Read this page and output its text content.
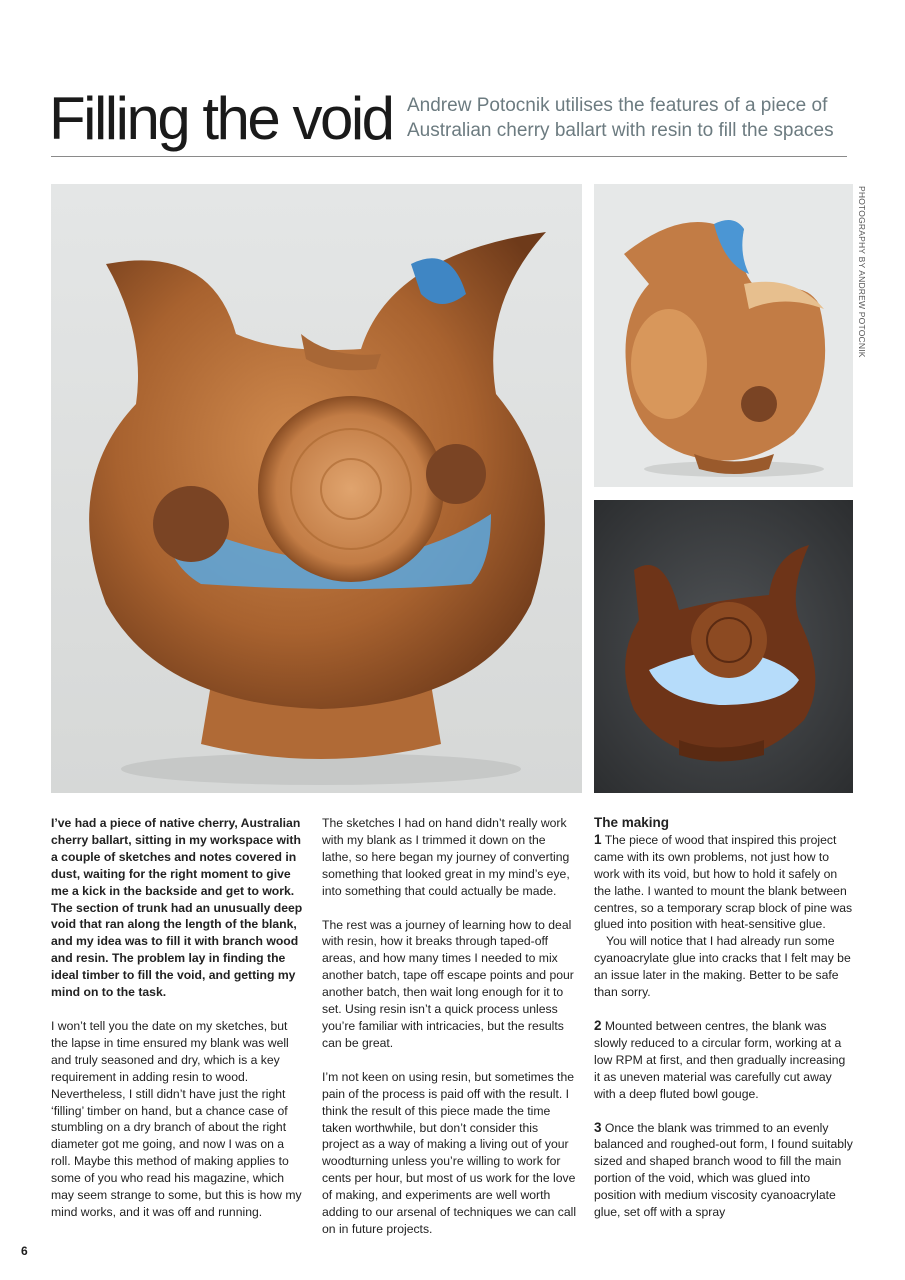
Filling the void Andrew Potocnik utilises the features of a piece of Australian cherry ballart with resin to fill the spaces

PHOTOGRAPHY BY ANDREW POTOCNIK

I’ve had a piece of native cherry, Australian cherry ballart, sitting in my workspace with a couple of sketches and notes covered in dust, waiting for the right moment to give me a kick in the backside and get to work. The section of trunk had an unusually deep void that ran along the length of the blank, and my idea was to fill it with branch wood and resin. The problem lay in finding the ideal timber to fill the void, and getting my mind on to the task.

I won’t tell you the date on my sketches, but the lapse in time ensured my blank was well and truly seasoned and dry, which is a key requirement in adding resin to wood. Nevertheless, I still didn’t have just the right ‘filling’ timber on hand, but a chance case of stumbling on a dry branch of about the right diameter got me going, and now I was on a roll. Maybe this method of making applies to some of you who read his magazine, which may seem strange to some, but this is how my mind works, and it was off and running.

The sketches I had on hand didn’t really work with my blank as I trimmed it down on the lathe, so here began my journey of converting something that looked great in my mind’s eye, into something that could actually be made.

The rest was a journey of learning how to deal with resin, how it breaks through taped-off areas, and how many times I needed to mix another batch, tape off escape points and pour another batch, then wait long enough for it to set. Using resin isn’t a quick process unless you’re familiar with intricacies, but the results can be great.

I’m not keen on using resin, but sometimes the pain of the process is paid off with the result. I think the result of this piece made the time taken worthwhile, but don’t consider this project as a way of making a living out of your woodturning unless you’re willing to work for cents per hour, but most of us work for the love of making, and experiments are well worth adding to our arsenal of techniques we can call on in future projects.

The making

1 The piece of wood that inspired this project came with its own problems, not just how to work with its void, but how to hold it safely on the lathe. I wanted to mount the blank between centres, so a temporary scrap block of pine was glued into position with heat-sensitive glue.

You will notice that I had already run some cyanoacrylate glue into cracks that I felt may be an issue later in the making. Better to be safe than sorry.

2 Mounted between centres, the blank was slowly reduced to a circular form, working at a low RPM at first, and then gradually increasing it as uneven material was carefully cut away with a deep fluted bowl gouge.

3 Once the blank was trimmed to an evenly balanced and roughed-out form, I found suitably sized and shaped branch wood to fill the main portion of the void, which was glued into position with medium viscosity cyanoacrylate glue, set off with a spray

6
